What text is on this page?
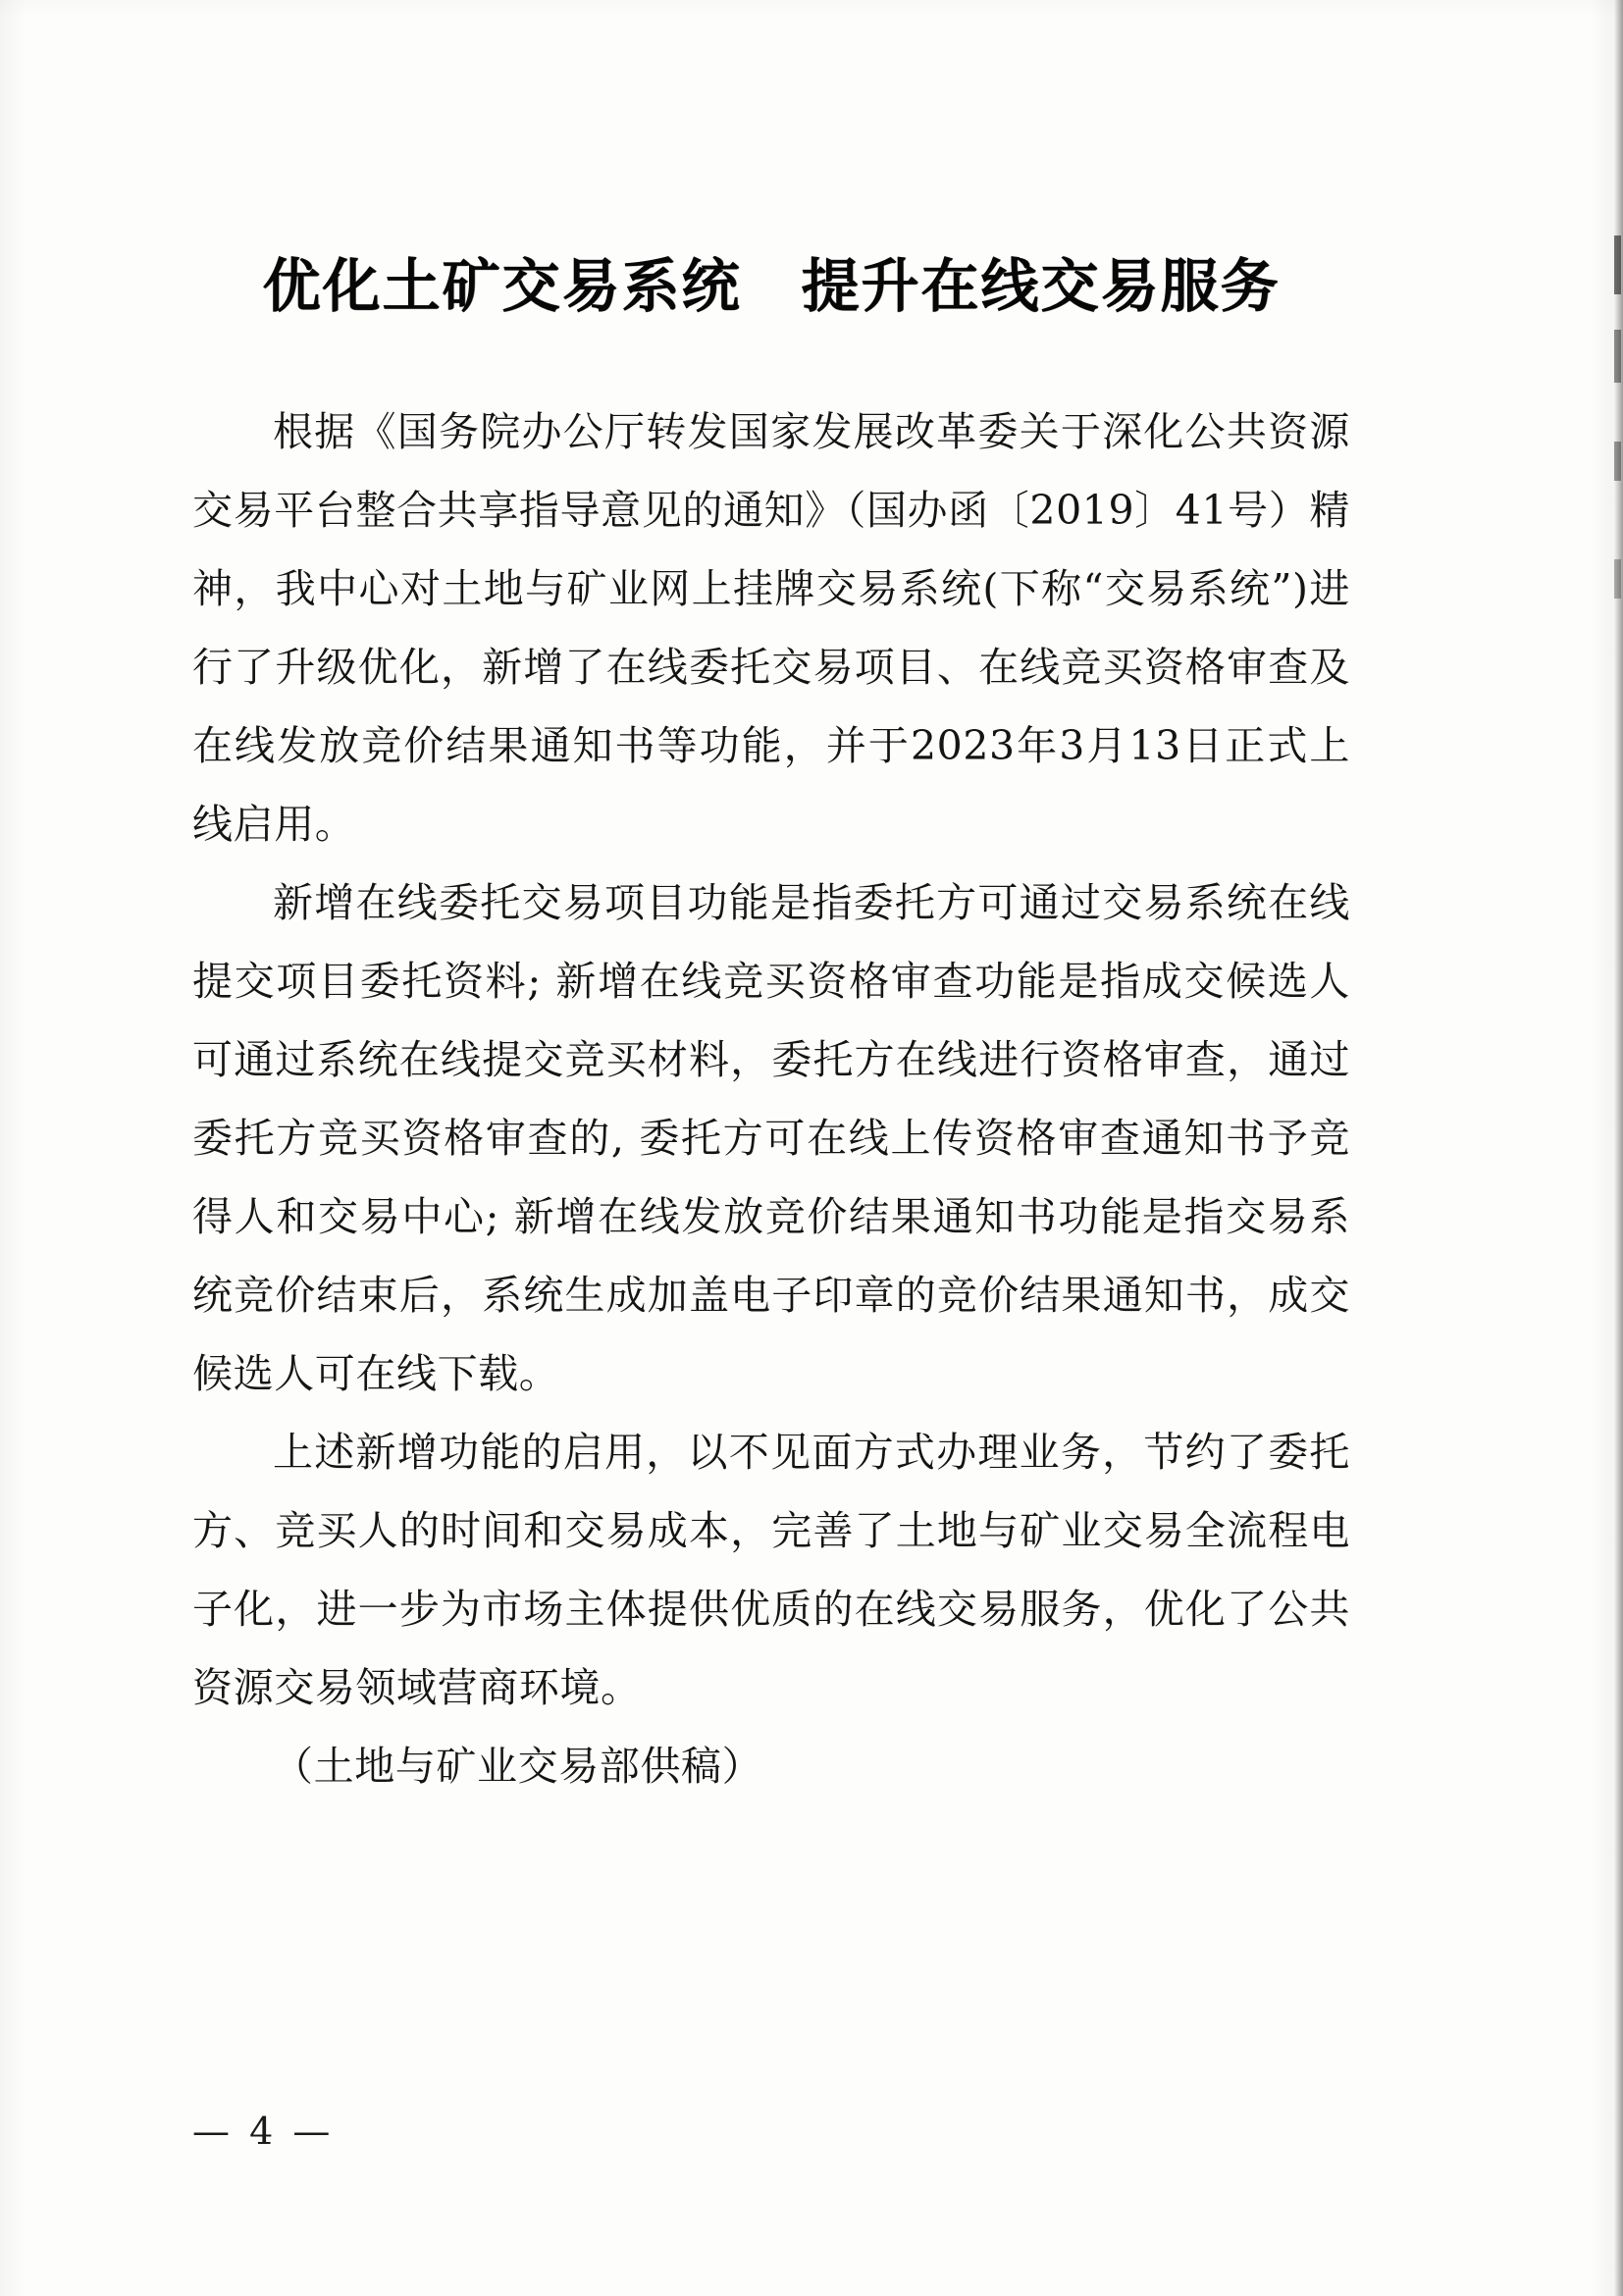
优化土矿交易系统　提升在线交易服务

根据《国务院办公厅转发国家发展改革委关于深化公共资源交易平台整合共享指导意见的通知》（国办函〔2019〕41号）精神，我中心对土地与矿业网上挂牌交易系统(下称“交易系统”)进行了升级优化，新增了在线委托交易项目、在线竞买资格审查及在线发放竞价结果通知书等功能，并于2023年3月13日正式上线启用。

新增在线委托交易项目功能是指委托方可通过交易系统在线提交项目委托资料; 新增在线竞买资格审查功能是指成交候选人可通过系统在线提交竞买材料，委托方在线进行资格审查，通过委托方竞买资格审查的, 委托方可在线上传资格审查通知书予竞得人和交易中心; 新增在线发放竞价结果通知书功能是指交易系统竞价结束后，系统生成加盖电子印章的竞价结果通知书，成交候选人可在线下载。

上述新增功能的启用，以不见面方式办理业务，节约了委托方、竞买人的时间和交易成本，完善了土地与矿业交易全流程电子化，进一步为市场主体提供优质的在线交易服务，优化了公共资源交易领域营商环境。

（土地与矿业交易部供稿）

— 4 —
